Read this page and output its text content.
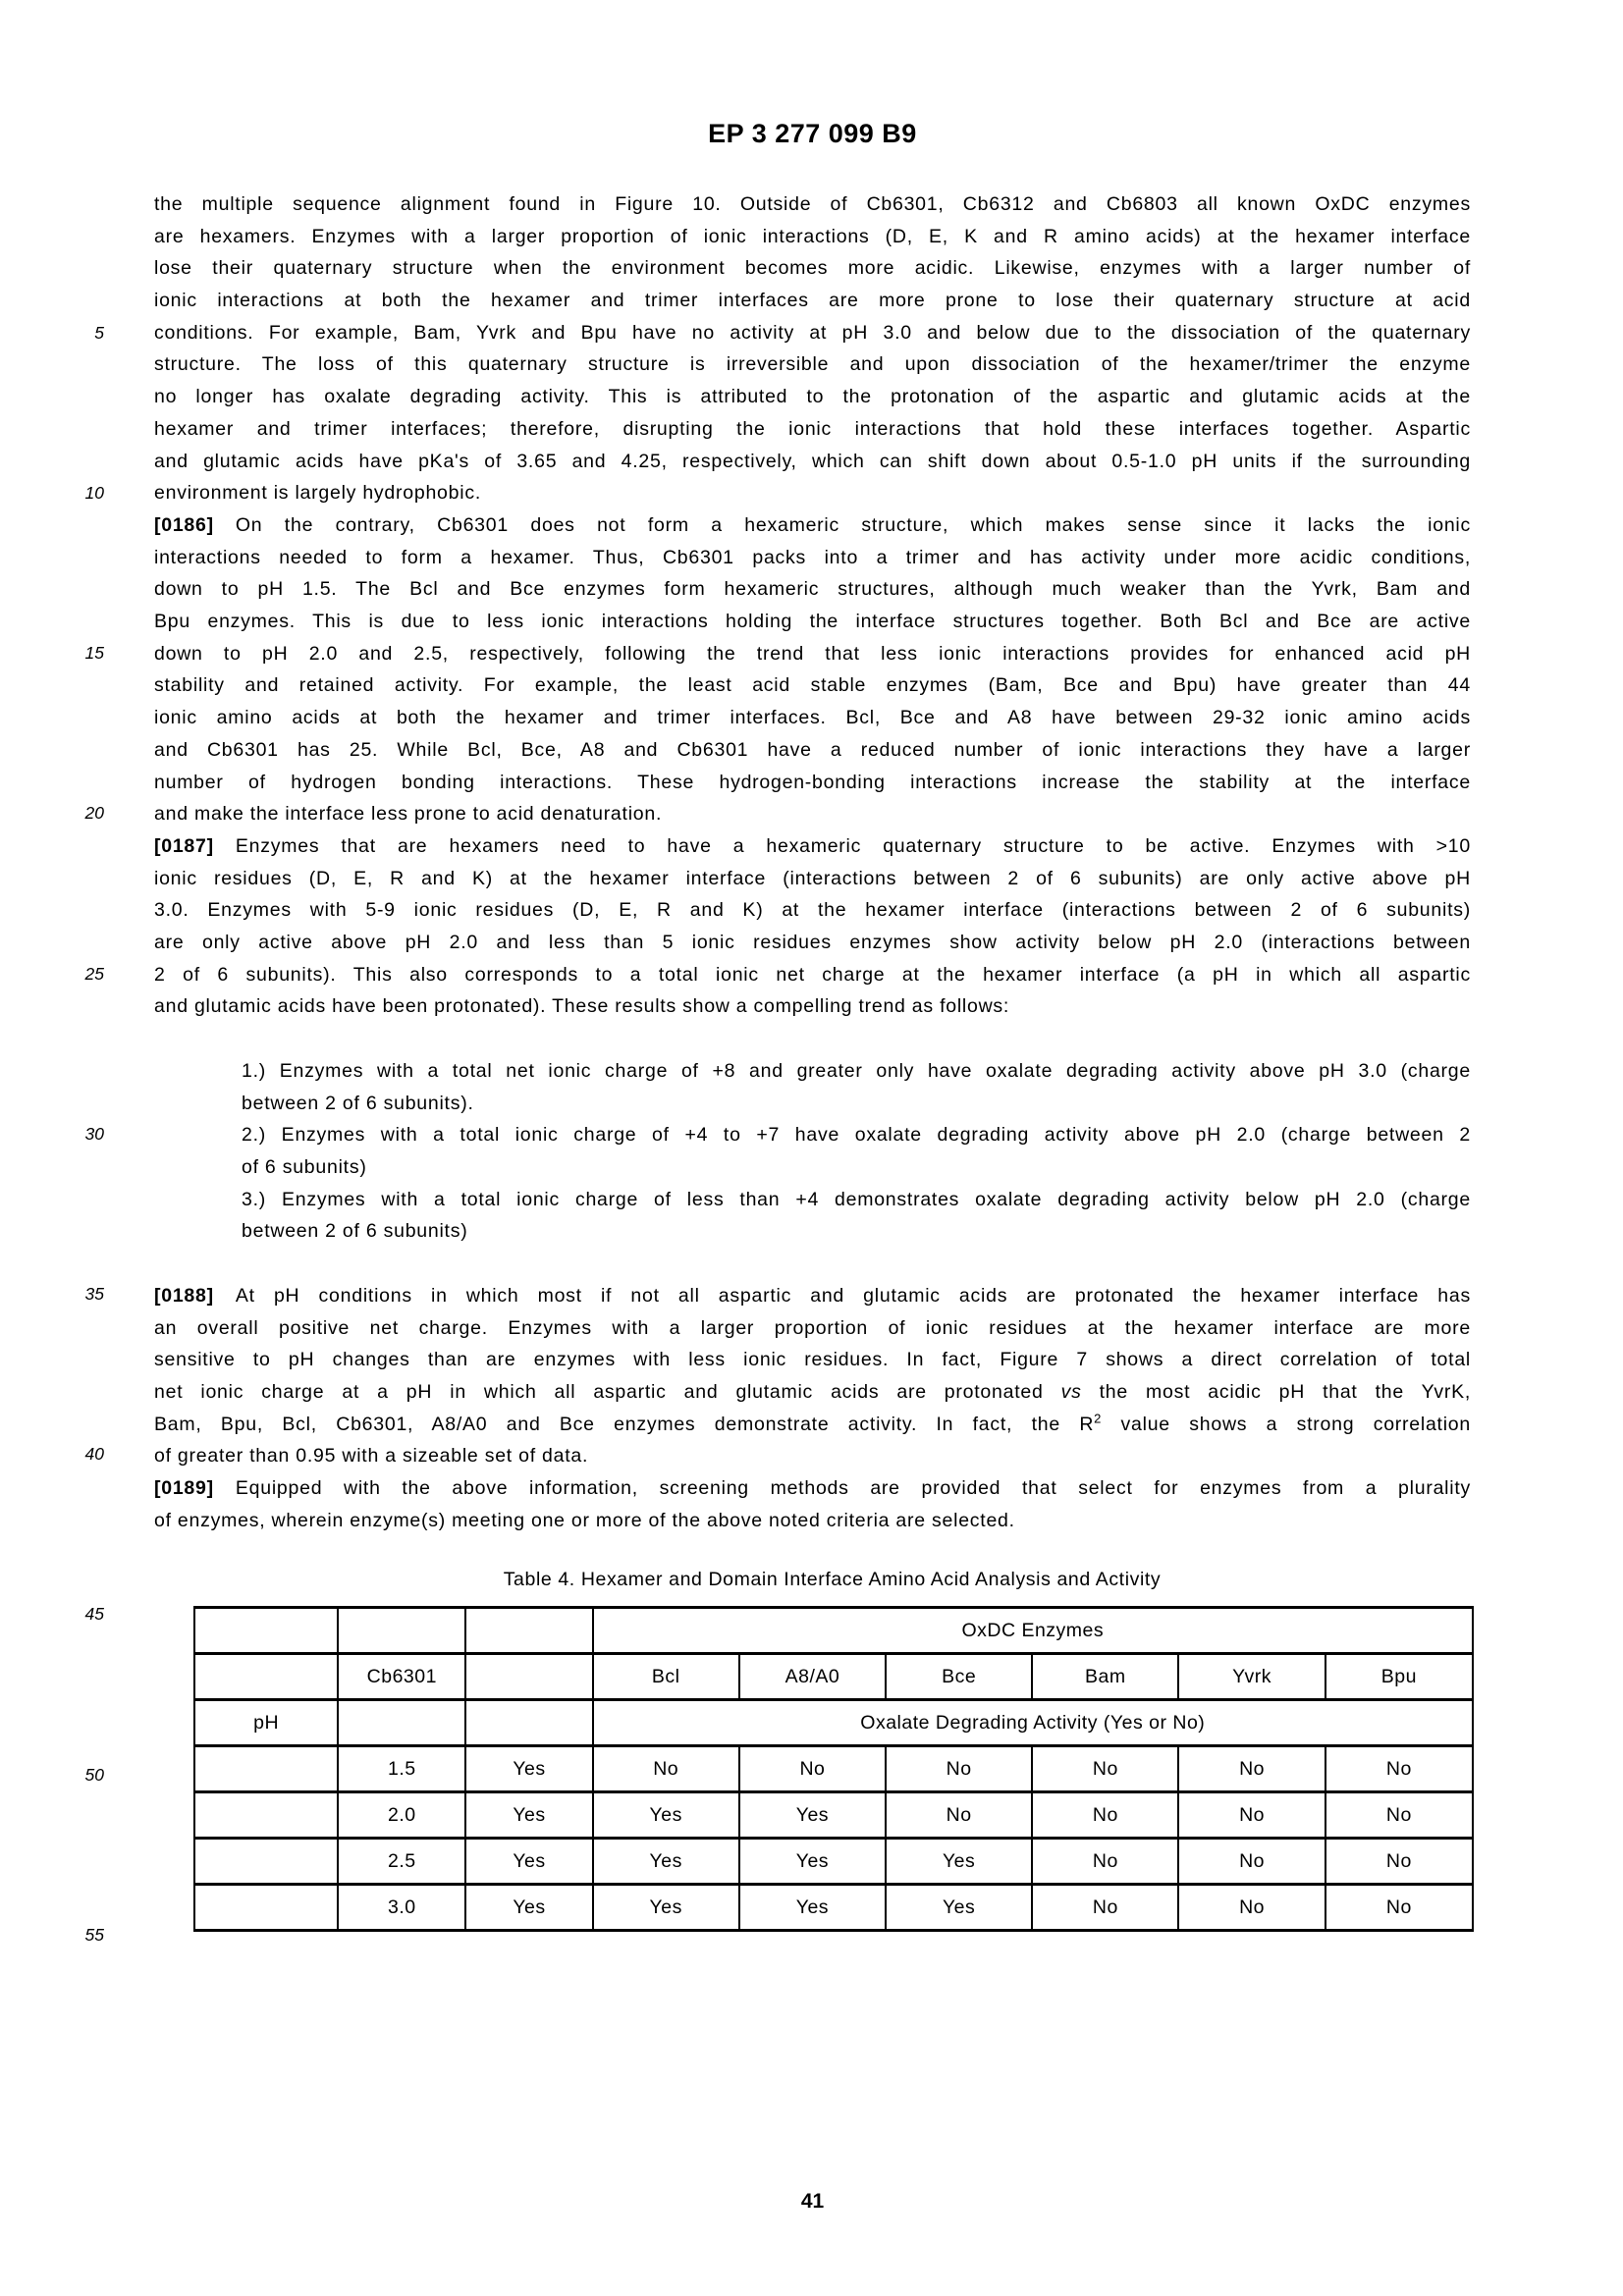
EP 3 277 099 B9
5
10
15
20
25
30
35
40
45
50
55
the multiple sequence alignment found in Figure 10. Outside of Cb6301, Cb6312 and Cb6803 all known OxDC enzymes
are hexamers. Enzymes with a larger proportion of ionic interactions (D, E, K and R amino acids) at the hexamer interface
lose their quaternary structure when the environment becomes more acidic. Likewise, enzymes with a larger number of
ionic interactions at both the hexamer and trimer interfaces are more prone to lose their quaternary structure at acid
conditions. For example, Bam, Yvrk and Bpu have no activity at pH 3.0 and below due to the dissociation of the quaternary
structure. The loss of this quaternary structure is irreversible and upon dissociation of the hexamer/trimer the enzyme
no longer has oxalate degrading activity. This is attributed to the protonation of the aspartic and glutamic acids at the
hexamer and trimer interfaces; therefore, disrupting the ionic interactions that hold these interfaces together. Aspartic
and glutamic acids have pKa's of 3.65 and 4.25, respectively, which can shift down about 0.5-1.0 pH units if the surrounding
environment is largely hydrophobic.
[0186] On the contrary, Cb6301 does not form a hexameric structure, which makes sense since it lacks the ionic
interactions needed to form a hexamer. Thus, Cb6301 packs into a trimer and has activity under more acidic conditions,
down to pH 1.5. The Bcl and Bce enzymes form hexameric structures, although much weaker than the Yvrk, Bam and
Bpu enzymes. This is due to less ionic interactions holding the interface structures together. Both Bcl and Bce are active
down to pH 2.0 and 2.5, respectively, following the trend that less ionic interactions provides for enhanced acid pH
stability and retained activity. For example, the least acid stable enzymes (Bam, Bce and Bpu) have greater than 44
ionic amino acids at both the hexamer and trimer interfaces. Bcl, Bce and A8 have between 29-32 ionic amino acids
and Cb6301 has 25. While Bcl, Bce, A8 and Cb6301 have a reduced number of ionic interactions they have a larger
number of hydrogen bonding interactions. These hydrogen-bonding interactions increase the stability at the interface
and make the interface less prone to acid denaturation.
[0187] Enzymes that are hexamers need to have a hexameric quaternary structure to be active. Enzymes with >10
ionic residues (D, E, R and K) at the hexamer interface (interactions between 2 of 6 subunits) are only active above pH
3.0. Enzymes with 5-9 ionic residues (D, E, R and K) at the hexamer interface (interactions between 2 of 6 subunits)
are only active above pH 2.0 and less than 5 ionic residues enzymes show activity below pH 2.0 (interactions between
2 of 6 subunits). This also corresponds to a total ionic net charge at the hexamer interface (a pH in which all aspartic
and glutamic acids have been protonated). These results show a compelling trend as follows:
1.) Enzymes with a total net ionic charge of +8 and greater only have oxalate degrading activity above pH 3.0 (charge
between 2 of 6 subunits).
2.) Enzymes with a total ionic charge of +4 to +7 have oxalate degrading activity above pH 2.0 (charge between 2
of 6 subunits)
3.) Enzymes with a total ionic charge of less than +4 demonstrates oxalate degrading activity below pH 2.0 (charge
between 2 of 6 subunits)
[0188] At pH conditions in which most if not all aspartic and glutamic acids are protonated the hexamer interface has
an overall positive net charge. Enzymes with a larger proportion of ionic residues at the hexamer interface are more
sensitive to pH changes than are enzymes with less ionic residues. In fact, Figure 7 shows a direct correlation of total
net ionic charge at a pH in which all aspartic and glutamic acids are protonated vs the most acidic pH that the YvrK,
Bam, Bpu, Bcl, Cb6301, A8/A0 and Bce enzymes demonstrate activity. In fact, the $R^2$ value shows a strong correlation
of greater than 0.95 with a sizeable set of data.
[0189] Equipped with the above information, screening methods are provided that select for enzymes from a plurality
of enzymes, wherein enzyme(s) meeting one or more of the above noted criteria are selected.
Table 4. Hexamer and Domain Interface Amino Acid Analysis and Activity
			OxDC Enzymes					
	Cb6301		Bcl	A8/A0	Bce	Bam	Yvrk	Bpu
pH			Oxalate Degrading Activity (Yes or No)					
	1.5	Yes	No	No	No	No	No	No
	2.0	Yes	Yes	Yes	No	No	No	No
	2.5	Yes	Yes	Yes	Yes	No	No	No
	3.0	Yes	Yes	Yes	Yes	No	No	No
41
